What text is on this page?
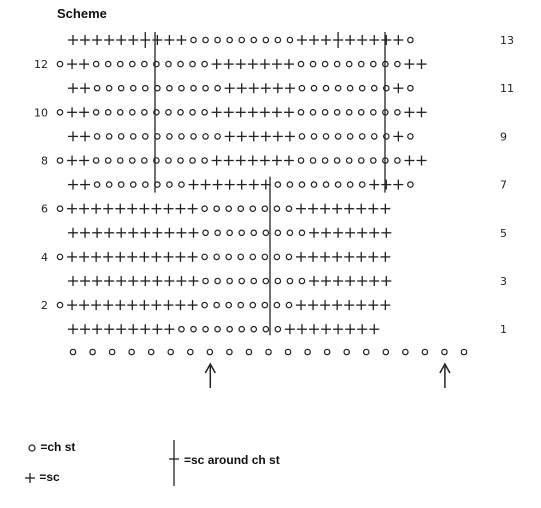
Scheme
1
2
3
4
5
6
7
8
9
10
11
12
13
=ch st
=sc
=sc around ch st
